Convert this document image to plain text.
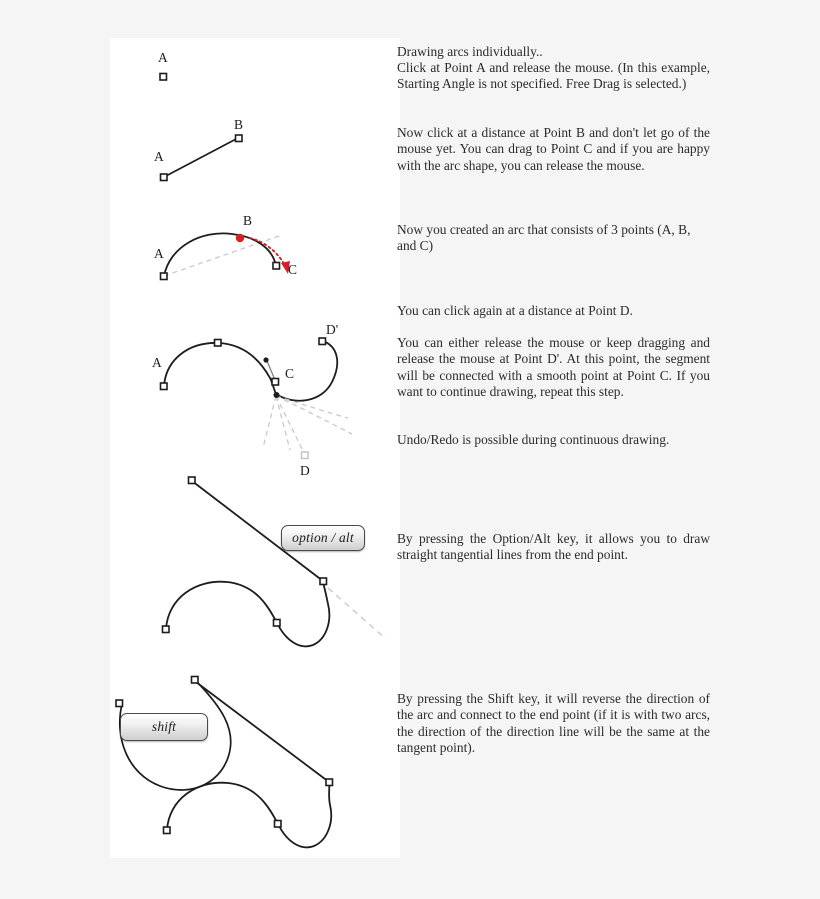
A
B
A
B
A
C
A
C
D'
D
option / alt
shift

Drawing arcs individually..

Click at Point A and release the mouse. (In this example, Starting Angle is not specified. Free Drag is selected.)

Now click at a distance at Point B and don't let go of the mouse yet. You can drag to Point C and if you are happy with the arc shape, you can release the mouse.

Now you created an arc that consists of 3 points (A, B, and C)

You can click again at a distance at Point D.

You can either release the mouse or keep dragging and release the mouse at Point D'. At this point, the segment will be connected with a smooth point at Point C. If you want to continue drawing, repeat this step.

Undo/Redo is possible during continuous drawing.

By pressing the Option/Alt key, it allows you to draw straight tangential lines from the end point.

By pressing the Shift key, it will reverse the direction of the arc and connect to the end point (if it is with two arcs, the direction of the direction line will be the same at the tangent point).
